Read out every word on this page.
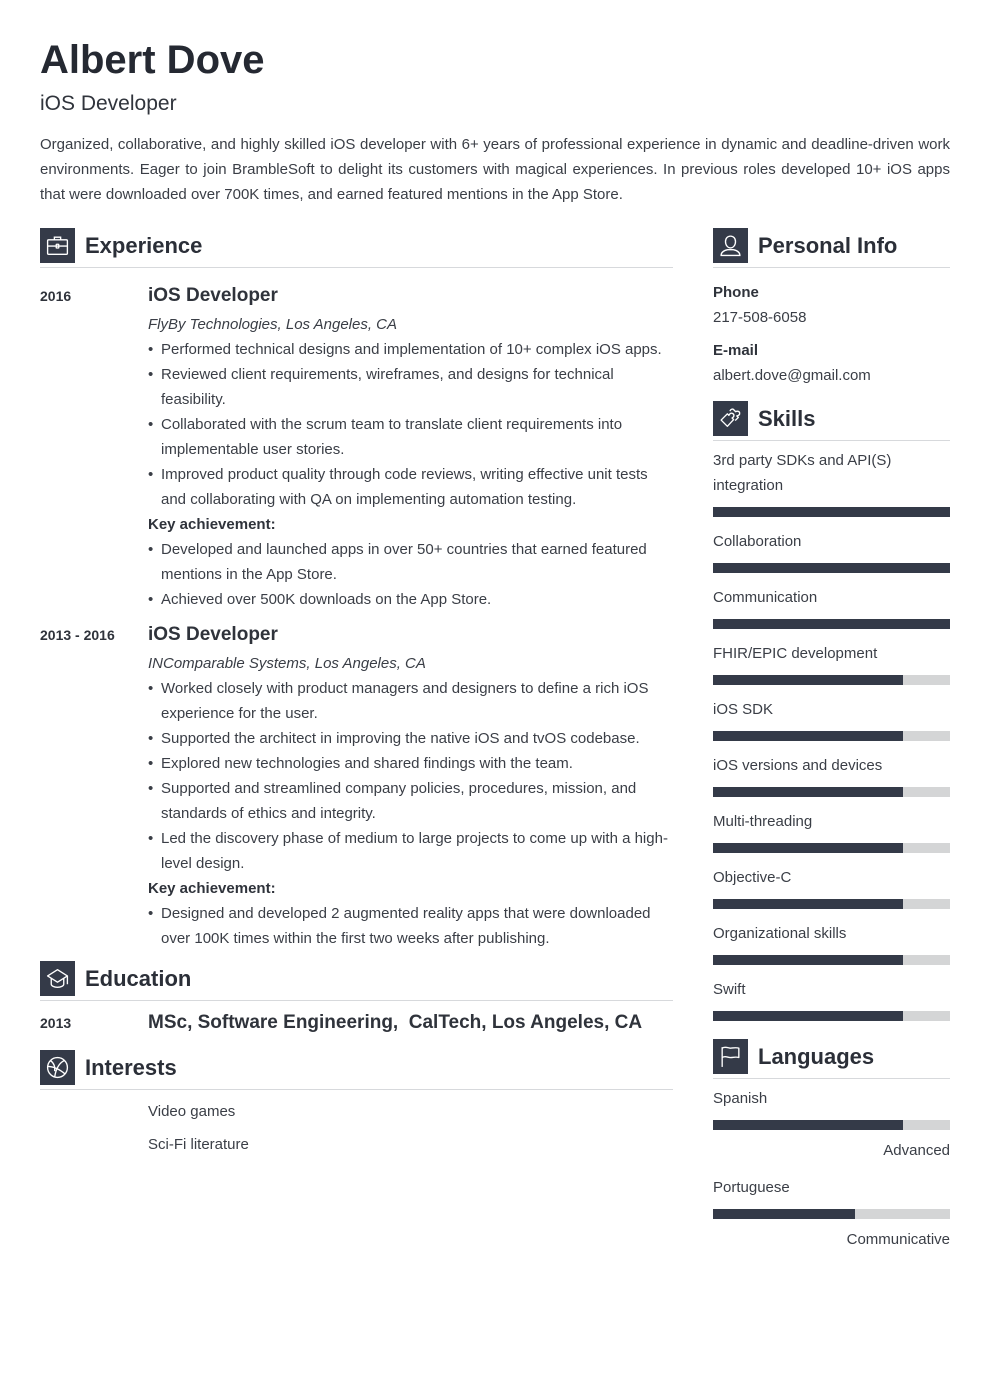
Albert Dove
iOS Developer

Organized, collaborative, and highly skilled iOS developer with 6+ years of professional experience in dynamic and deadline-driven work environments. Eager to join BrambleSoft to delight its customers with magical experiences. In previous roles developed 10+ iOS apps that were downloaded over 700K times, and earned featured mentions in the App Store.

Experience
2016	iOS Developer
FlyBy Technologies, Los Angeles, CA
• Performed technical designs and implementation of 10+ complex iOS apps.
• Reviewed client requirements, wireframes, and designs for technical feasibility.
• Collaborated with the scrum team to translate client requirements into implementable user stories.
• Improved product quality through code reviews, writing effective unit tests and collaborating with QA on implementing automation testing.
Key achievement:
• Developed and launched apps in over 50+ countries that earned featured mentions in the App Store.
• Achieved over 500K downloads on the App Store.
2013 - 2016	iOS Developer
INComparable Systems, Los Angeles, CA
• Worked closely with product managers and designers to define a rich iOS experience for the user.
• Supported the architect in improving the native iOS and tvOS codebase.
• Explored new technologies and shared findings with the team.
• Supported and streamlined company policies, procedures, mission, and standards of ethics and integrity.
• Led the discovery phase of medium to large projects to come up with a high-level design.
Key achievement:
• Designed and developed 2 augmented reality apps that were downloaded over 100K times within the first two weeks after publishing.
Education
2013	MSc, Software Engineering,  CalTech, Los Angeles, CA
Interests
Video games
Sci-Fi literature
Personal Info
Phone
217-508-6058
E-mail
albert.dove@gmail.com
Skills
3rd party SDKs and API(S) integration
Collaboration
Communication
FHIR/EPIC development
iOS SDK
iOS versions and devices
Multi-threading
Objective-C
Organizational skills
Swift
Languages
Spanish
Advanced
Portuguese
Communicative
